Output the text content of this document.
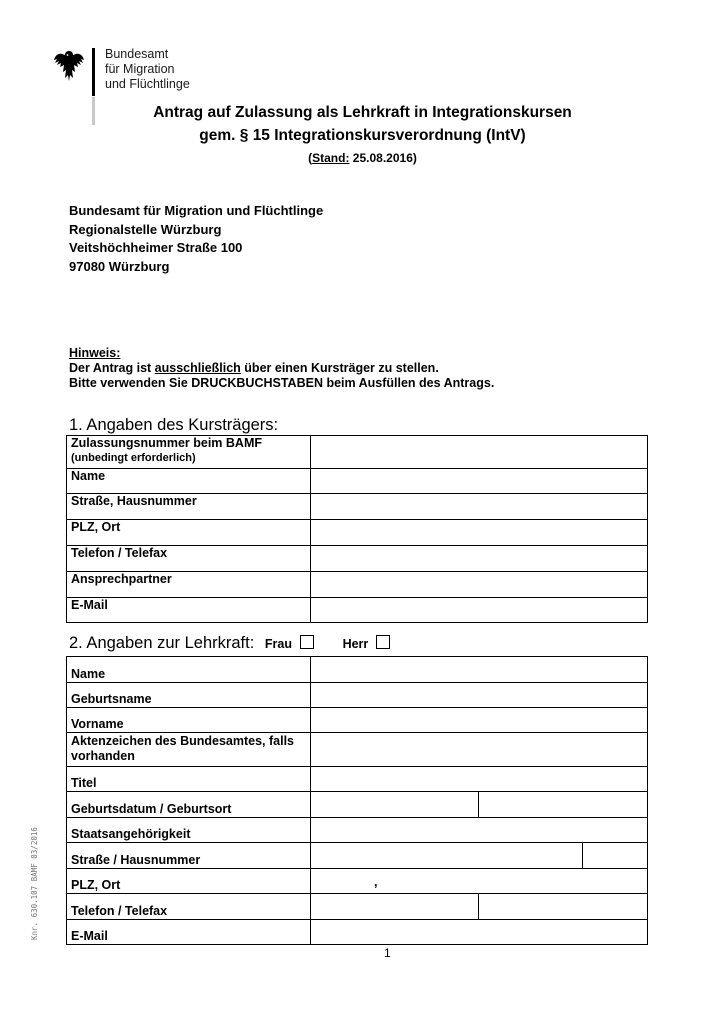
Bundesamt
für Migration
und Flüchtlinge
Antrag auf Zulassung als Lehrkraft in Integrationskursen
gem. § 15 Integrationskursverordnung (IntV)
(Stand: 25.08.2016)
Bundesamt für Migration und Flüchtlinge
Regionalstelle Würzburg
Veitshöchheimer Straße 100
97080 Würzburg
Hinweis:
Der Antrag ist ausschließlich über einen Kursträger zu stellen.
Bitte verwenden Sie DRUCKBUCHSTABEN beim Ausfüllen des Antrags.
1. Angaben des Kursträgers:
Zulassungsnummer beim BAMF
(unbedingt erforderlich)	

Name	
Straße, Hausnummer	
PLZ, Ort	
Telefon / Telefax	
Ansprechpartner	
E-Mail	
2. Angaben zur Lehrkraft: Frau	Herr
Name	
Geburtsname	
Vorname	
Aktenzeichen des Bundesamtes, falls vorhanden	
Titel	
Geburtsdatum / Geburtsort	

Staatsangehörigkeit	
Straße / Hausnummer	

PLZ, Ort	,

Telefon / Telefax	

E-Mail	
1
Knr. 630.107 BAMF 03/2016
